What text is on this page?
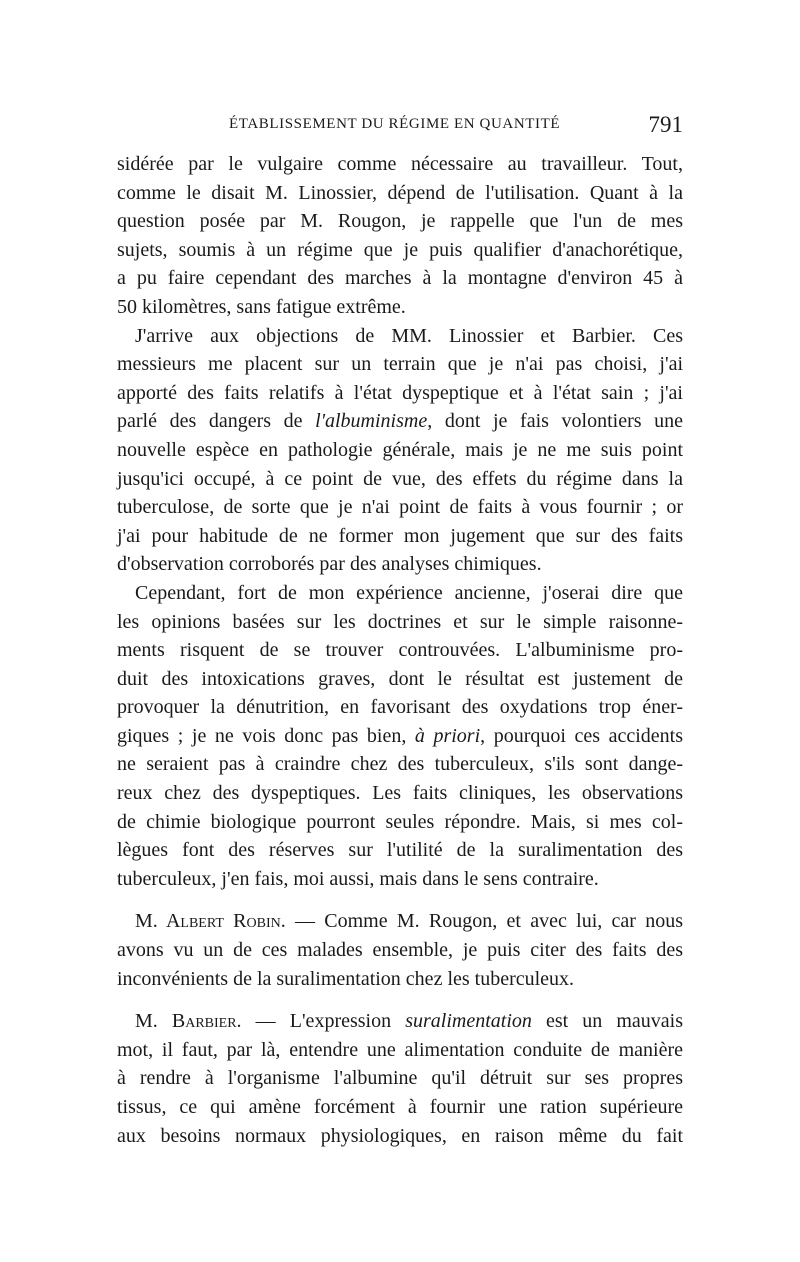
ÉTABLISSEMENT DU RÉGIME EN QUANTITÉ	791
sidérée par le vulgaire comme nécessaire au travailleur. Tout,
comme le disait M. Linossier, dépend de l'utilisation. Quant à la
question posée par M. Rougon, je rappelle que l'un de mes
sujets, soumis à un régime que je puis qualifier d'anachorétique,
a pu faire cependant des marches à la montagne d'environ 45 à
50 kilomètres, sans fatigue extrême.
J'arrive aux objections de MM. Linossier et Barbier. Ces
messieurs me placent sur un terrain que je n'ai pas choisi, j'ai
apporté des faits relatifs à l'état dyspeptique et à l'état sain ; j'ai
parlé des dangers de l'albuminisme, dont je fais volontiers une
nouvelle espèce en pathologie générale, mais je ne me suis point
jusqu'ici occupé, à ce point de vue, des effets du régime dans la
tuberculose, de sorte que je n'ai point de faits à vous fournir ; or
j'ai pour habitude de ne former mon jugement que sur des faits
d'observation corroborés par des analyses chimiques.
Cependant, fort de mon expérience ancienne, j'oserai dire que
les opinions basées sur les doctrines et sur le simple raisonne-
ments risquent de se trouver controuvées. L'albuminisme pro-
duit des intoxications graves, dont le résultat est justement de
provoquer la dénutrition, en favorisant des oxydations trop éner-
giques ; je ne vois donc pas bien, à priori, pourquoi ces accidents
ne seraient pas à craindre chez des tuberculeux, s'ils sont dange-
reux chez des dyspeptiques. Les faits cliniques, les observations
de chimie biologique pourront seules répondre. Mais, si mes col-
lègues font des réserves sur l'utilité de la suralimentation des
tuberculeux, j'en fais, moi aussi, mais dans le sens contraire.
M. Albert Robin. — Comme M. Rougon, et avec lui, car nous
avons vu un de ces malades ensemble, je puis citer des faits des
inconvénients de la suralimentation chez les tuberculeux.
M. Barbier. — L'expression suralimentation est un mauvais
mot, il faut, par là, entendre une alimentation conduite de manière
à rendre à l'organisme l'albumine qu'il détruit sur ses propres
tissus, ce qui amène forcément à fournir une ration supérieure
aux besoins normaux physiologiques, en raison même du fait
